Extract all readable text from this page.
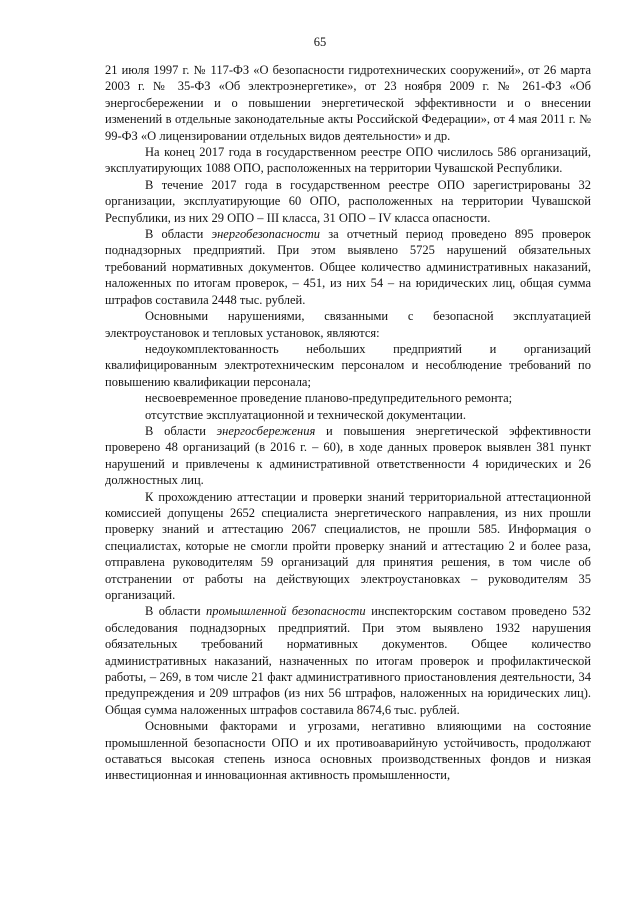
65

21 июля 1997 г. № 117-ФЗ «О безопасности гидротехнических сооружений», от 26 марта 2003 г. № 35-ФЗ «Об электроэнергетике», от 23 ноября 2009 г. № 261-ФЗ «Об энергосбережении и о повышении энергетической эффективности и о внесении изменений в отдельные законодательные акты Российской Федерации», от 4 мая 2011 г. № 99-ФЗ «О лицензировании отдельных видов деятельности» и др.

На конец 2017 года в государственном реестре ОПО числилось 586 организаций, эксплуатирующих 1088 ОПО, расположенных на территории Чувашской Республики.

В течение 2017 года в государственном реестре ОПО зарегистрированы 32 организации, эксплуатирующие 60 ОПО, расположенных на территории Чувашской Республики, из них 29 ОПО – III класса, 31 ОПО – IV класса опасности.

В области энергобезопасности за отчетный период проведено 895 проверок поднадзорных предприятий. При этом выявлено 5725 нарушений обязательных требований нормативных документов. Общее количество административных наказаний, наложенных по итогам проверок, – 451, из них 54 – на юридических лиц, общая сумма штрафов составила 2448 тыс. рублей.

Основными нарушениями, связанными с безопасной эксплуатацией электроустановок и тепловых установок, являются:

недоукомплектованность небольших предприятий и организаций квалифицированным электротехническим персоналом и несоблюдение требований по повышению квалификации персонала;

несвоевременное проведение планово-предупредительного ремонта;

отсутствие эксплуатационной и технической документации.

В области энергосбережения и повышения энергетической эффективности проверено 48 организаций (в 2016 г. – 60), в ходе данных проверок выявлен 381 пункт нарушений и привлечены к административной ответственности 4 юридических и 26 должностных лиц.

К прохождению аттестации и проверки знаний территориальной аттестационной комиссией допущены 2652 специалиста энергетического направления, из них прошли проверку знаний и аттестацию 2067 специалистов, не прошли 585. Информация о специалистах, которые не смогли пройти проверку знаний и аттестацию 2 и более раза, отправлена руководителям 59 организаций для принятия решения, в том числе об отстранении от работы на действующих электроустановках – руководителям 35 организаций.

В области промышленной безопасности инспекторским составом проведено 532 обследования поднадзорных предприятий. При этом выявлено 1932 нарушения обязательных требований нормативных документов. Общее количество административных наказаний, назначенных по итогам проверок и профилактической работы, – 269, в том числе 21 факт административного приостановления деятельности, 34 предупреждения и 209 штрафов (из них 56 штрафов, наложенных на юридических лиц). Общая сумма наложенных штрафов составила 8674,6 тыс. рублей.

Основными факторами и угрозами, негативно влияющими на состояние промышленной безопасности ОПО и их противоаварийную устойчивость, продолжают оставаться высокая степень износа основных производственных фондов и низкая инвестиционная и инновационная активность промышленности,
